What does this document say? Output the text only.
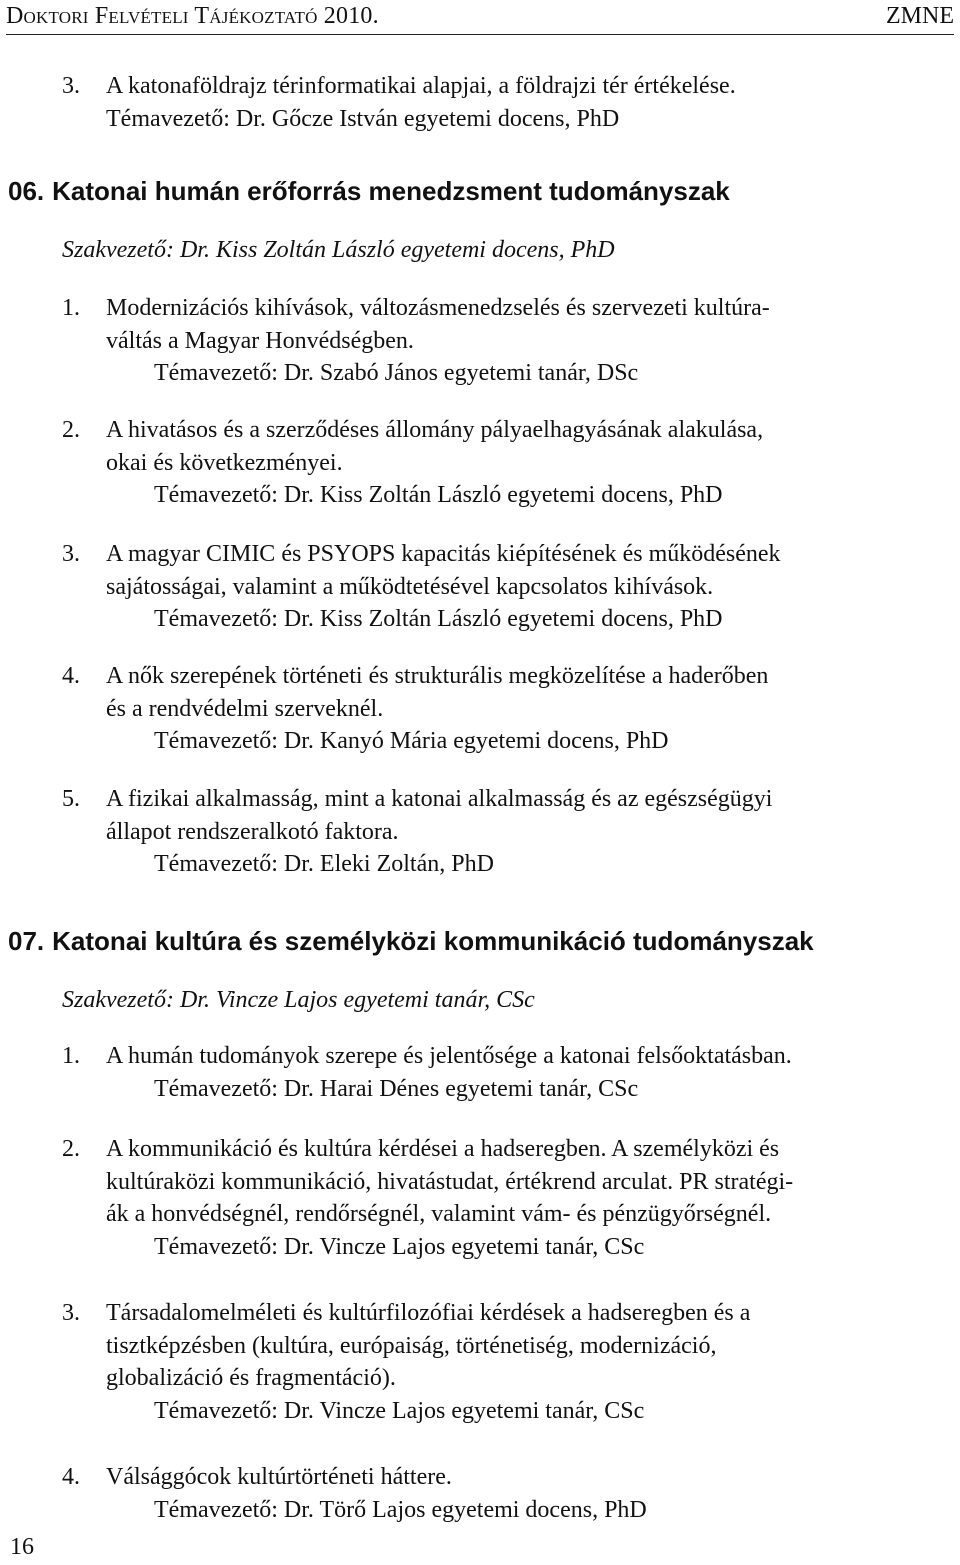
Doktori Felvételi Tájékoztató 2010.	ZMNE
3. A katonaföldrajz térinformatikai alapjai, a földrajzi tér értékelése.
Témavezető: Dr. Gőcze István egyetemi docens, PhD
06. Katonai humán erőforrás menedzsment tudományszak
Szakvezető: Dr. Kiss Zoltán László egyetemi docens, PhD
1. Modernizációs kihívások, változásmenedzselés és szervezeti kultúra-
váltás a Magyar Honvédségben.
Témavezető: Dr. Szabó János egyetemi tanár, DSc
2. A hivatásos és a szerződéses állomány pályaelhagyásának alakulása,
okai és következményei.
Témavezető: Dr. Kiss Zoltán László egyetemi docens, PhD
3. A magyar CIMIC és PSYOPS kapacitás kiépítésének és működésének
sajátosságai, valamint a működtetésével kapcsolatos kihívások.
Témavezető: Dr. Kiss Zoltán László egyetemi docens, PhD
4. A nők szerepének történeti és strukturális megközelítése a haderőben
és a rendvédelmi szerveknél.
Témavezető: Dr. Kanyó Mária egyetemi docens, PhD
5. A fizikai alkalmasság, mint a katonai alkalmasság és az egészségügyi
állapot rendszeralkotó faktora.
Témavezető: Dr. Eleki Zoltán, PhD
07. Katonai kultúra és személyközi kommunikáció tudományszak
Szakvezető: Dr. Vincze Lajos egyetemi tanár, CSc
1. A humán tudományok szerepe és jelentősége a katonai felsőoktatásban.
Témavezető: Dr. Harai Dénes egyetemi tanár, CSc
2. A kommunikáció és kultúra kérdései a hadseregben. A személyközi és
kultúraközi kommunikáció, hivatástudat, értékrend arculat. PR stratégi-
ák a honvédségnél, rendőrségnél, valamint vám- és pénzügyőrségnél.
Témavezető: Dr. Vincze Lajos egyetemi tanár, CSc
3. Társadalomelméleti és kultúrfilozófiai kérdések a hadseregben és a
tisztképzésben (kultúra, európaiság, történetiség, modernizáció,
globalizáció és fragmentáció).
Témavezető: Dr. Vincze Lajos egyetemi tanár, CSc
4. Válsággócok kultúrtörténeti háttere.
Témavezető: Dr. Törő Lajos egyetemi docens, PhD
16
